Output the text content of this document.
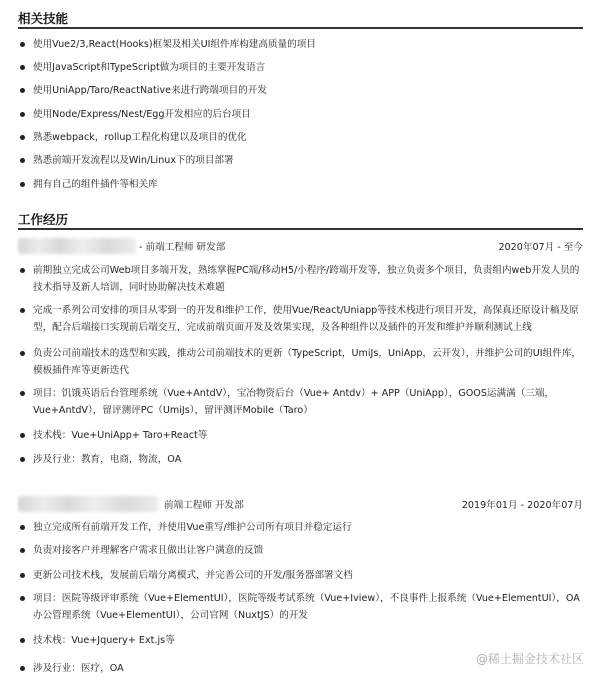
相关技能
使用Vue2/3,React(Hooks)框架及相关UI组件库构建高质量的项目
使用JavaScript和TypeScript做为项目的主要开发语言
使用UniApp/Taro/ReactNative来进行跨端项目的开发
使用Node/Express/Nest/Egg开发相应的后台项目
熟悉webpack，rollup工程化构建以及项目的优化
熟悉前端开发流程以及Win/Linux下的项目部署
拥有自己的组件插件等相关库
工作经历
- 前端工程师 研发部	2020年07月 - 至今
前期独立完成公司Web项目多端开发，熟练掌握PC端/移动H5/小程序/跨端开发等，独立负责多个项目，负责组内web开发人员的技术指导及新人培训，同时协助解决技术难题
完成一系列公司安排的项目从零到一的开发和维护工作，使用Vue/React/Uniapp等技术栈进行项目开发，高保真还原设计稿及原型，配合后端接口实现前后端交互，完成前端页面开发及效果实现，及各种组件以及插件的开发和维护并顺利测试上线
负责公司前端技术的选型和实践，推动公司前端技术的更新（TypeScript，UmiJs，UniApp，云开发），并维护公司的UI组件库，模板插件库等更新迭代
项目：饥饿英语后台管理系统（Vue+AntdV），宝冶物资后台（Vue+ Antdv）+ APP（UniApp），GOOS运满满（三端，Vue+AntdV），留评测评PC（UmiJs），留评测评Mobile（Taro）
技术栈：Vue+UniApp+ Taro+React等
涉及行业：教育，电商，物流，OA
前端工程师 开发部	2019年01月 - 2020年07月
独立完成所有前端开发工作，并使用Vue重写/维护公司所有项目并稳定运行
负责对接客户并理解客户需求且做出让客户满意的反馈
更新公司技术栈，发展前后端分离模式，并完善公司的开发/服务器部署文档
项目：医院等级评审系统（Vue+ElementUI），医院等级考试系统（Vue+Iview），不良事件上报系统（Vue+ElementUI），OA办公管理系统（Vue+ElementUI），公司官网（NuxtJS）的开发
技术栈：Vue+Jquery+ Ext.js等
涉及行业：医疗，OA
@稀土掘金技术社区
